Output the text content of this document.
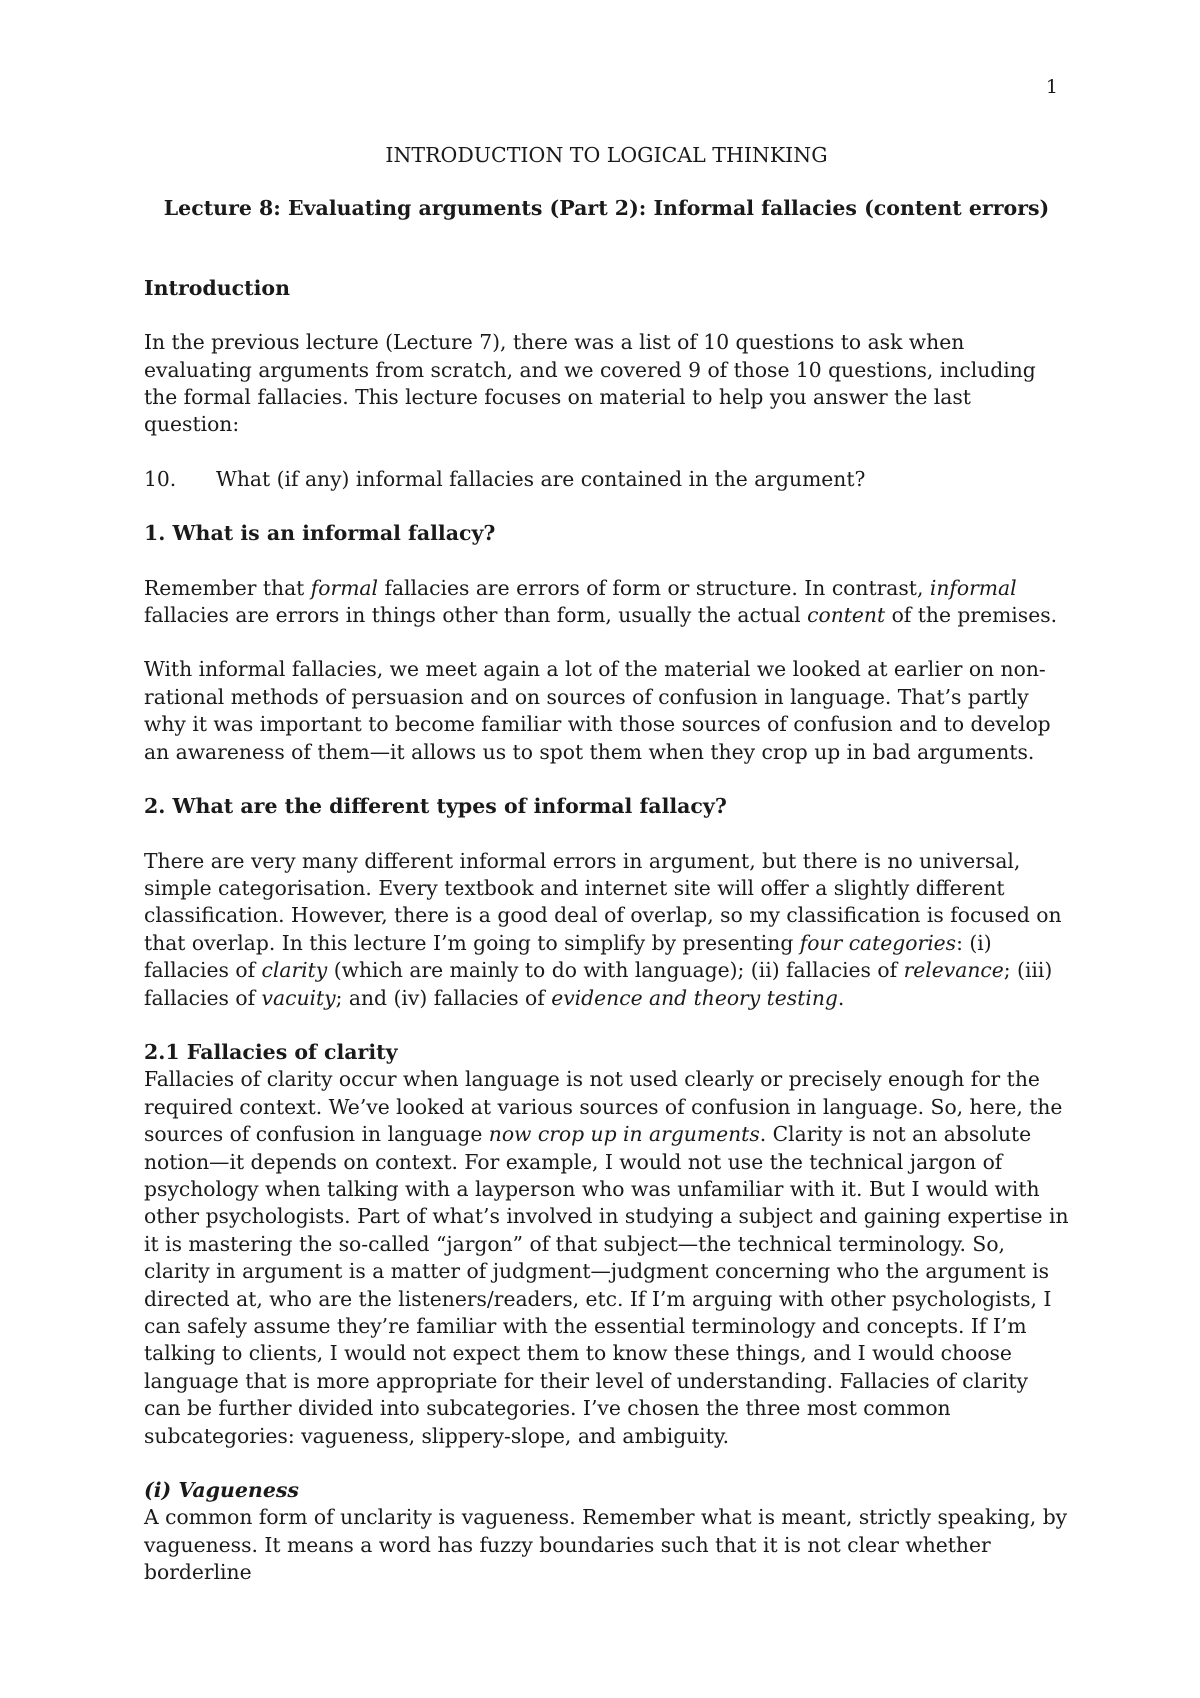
1
INTRODUCTION TO LOGICAL THINKING
Lecture 8: Evaluating arguments (Part 2): Informal fallacies (content errors)
Introduction

In the previous lecture (Lecture 7), there was a list of 10 questions to ask when evaluating arguments from scratch, and we covered 9 of those 10 questions, including the formal fallacies. This lecture focuses on material to help you answer the last question:

10.	What (if any) informal fallacies are contained in the argument?
1. What is an informal fallacy?

Remember that formal fallacies are errors of form or structure. In contrast, informal fallacies are errors in things other than form, usually the actual content of the premises.

With informal fallacies, we meet again a lot of the material we looked at earlier on non-rational methods of persuasion and on sources of confusion in language. That’s partly why it was important to become familiar with those sources of confusion and to develop an awareness of them—it allows us to spot them when they crop up in bad arguments.

2. What are the different types of informal fallacy?

There are very many different informal errors in argument, but there is no universal, simple categorisation. Every textbook and internet site will offer a slightly different classification. However, there is a good deal of overlap, so my classification is focused on that overlap. In this lecture I’m going to simplify by presenting four categories: (i) fallacies of clarity (which are mainly to do with language); (ii) fallacies of relevance; (iii) fallacies of vacuity; and (iv) fallacies of evidence and theory testing.

2.1 Fallacies of clarity

Fallacies of clarity occur when language is not used clearly or precisely enough for the required context. We’ve looked at various sources of confusion in language. So, here, the sources of confusion in language now crop up in arguments. Clarity is not an absolute notion—it depends on context. For example, I would not use the technical jargon of psychology when talking with a layperson who was unfamiliar with it. But I would with other psychologists. Part of what’s involved in studying a subject and gaining expertise in it is mastering the so-called “jargon” of that subject—the technical terminology. So, clarity in argument is a matter of judgment—judgment concerning who the argument is directed at, who are the listeners/readers, etc. If I’m arguing with other psychologists, I can safely assume they’re familiar with the essential terminology and concepts. If I’m talking to clients, I would not expect them to know these things, and I would choose language that is more appropriate for their level of understanding. Fallacies of clarity can be further divided into subcategories. I’ve chosen the three most common subcategories: vagueness, slippery-slope, and ambiguity.

(i) Vagueness

A common form of unclarity is vagueness. Remember what is meant, strictly speaking, by vagueness. It means a word has fuzzy boundaries such that it is not clear whether borderline
